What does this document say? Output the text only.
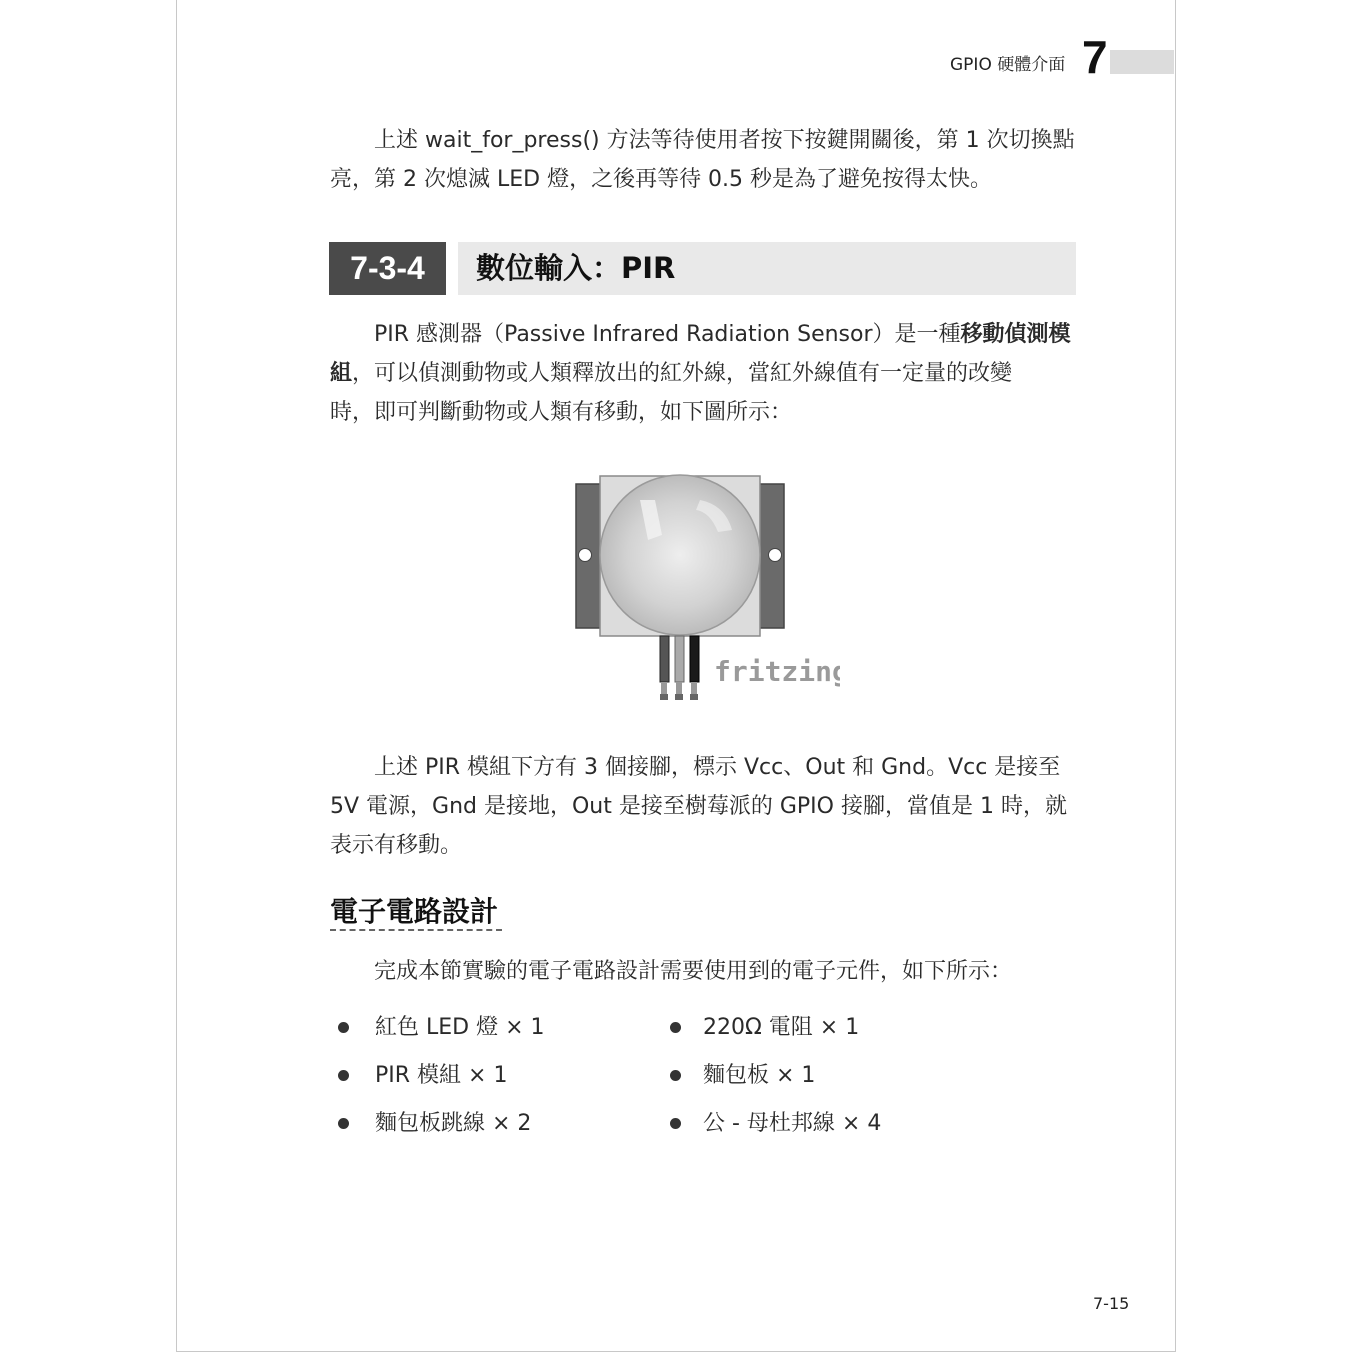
GPIO 硬體介面 7

上述 wait_for_press() 方法等待使用者按下按鍵開關後，第 1 次切換點
亮，第 2 次熄滅 LED 燈，之後再等待 0.5 秒是為了避免按得太快。

7-3-4	數位輸入：PIR

PIR 感測器（Passive Infrared Radiation Sensor）是一種移動偵測模
組，可以偵測動物或人類釋放出的紅外線，當紅外線值有一定量的改變
時，即可判斷動物或人類有移動，如下圖所示：

fritzing

上述 PIR 模組下方有 3 個接腳，標示 Vcc、Out 和 Gnd。Vcc 是接至
5V 電源，Gnd 是接地，Out 是接至樹莓派的 GPIO 接腳，當值是 1 時，就
表示有移動。

電子電路設計

完成本節實驗的電子電路設計需要使用到的電子元件，如下所示：

紅色 LED 燈 × 1
PIR 模組 × 1
麵包板跳線 × 2
220Ω 電阻 × 1
麵包板 × 1
公 - 母杜邦線 × 4
7-15
